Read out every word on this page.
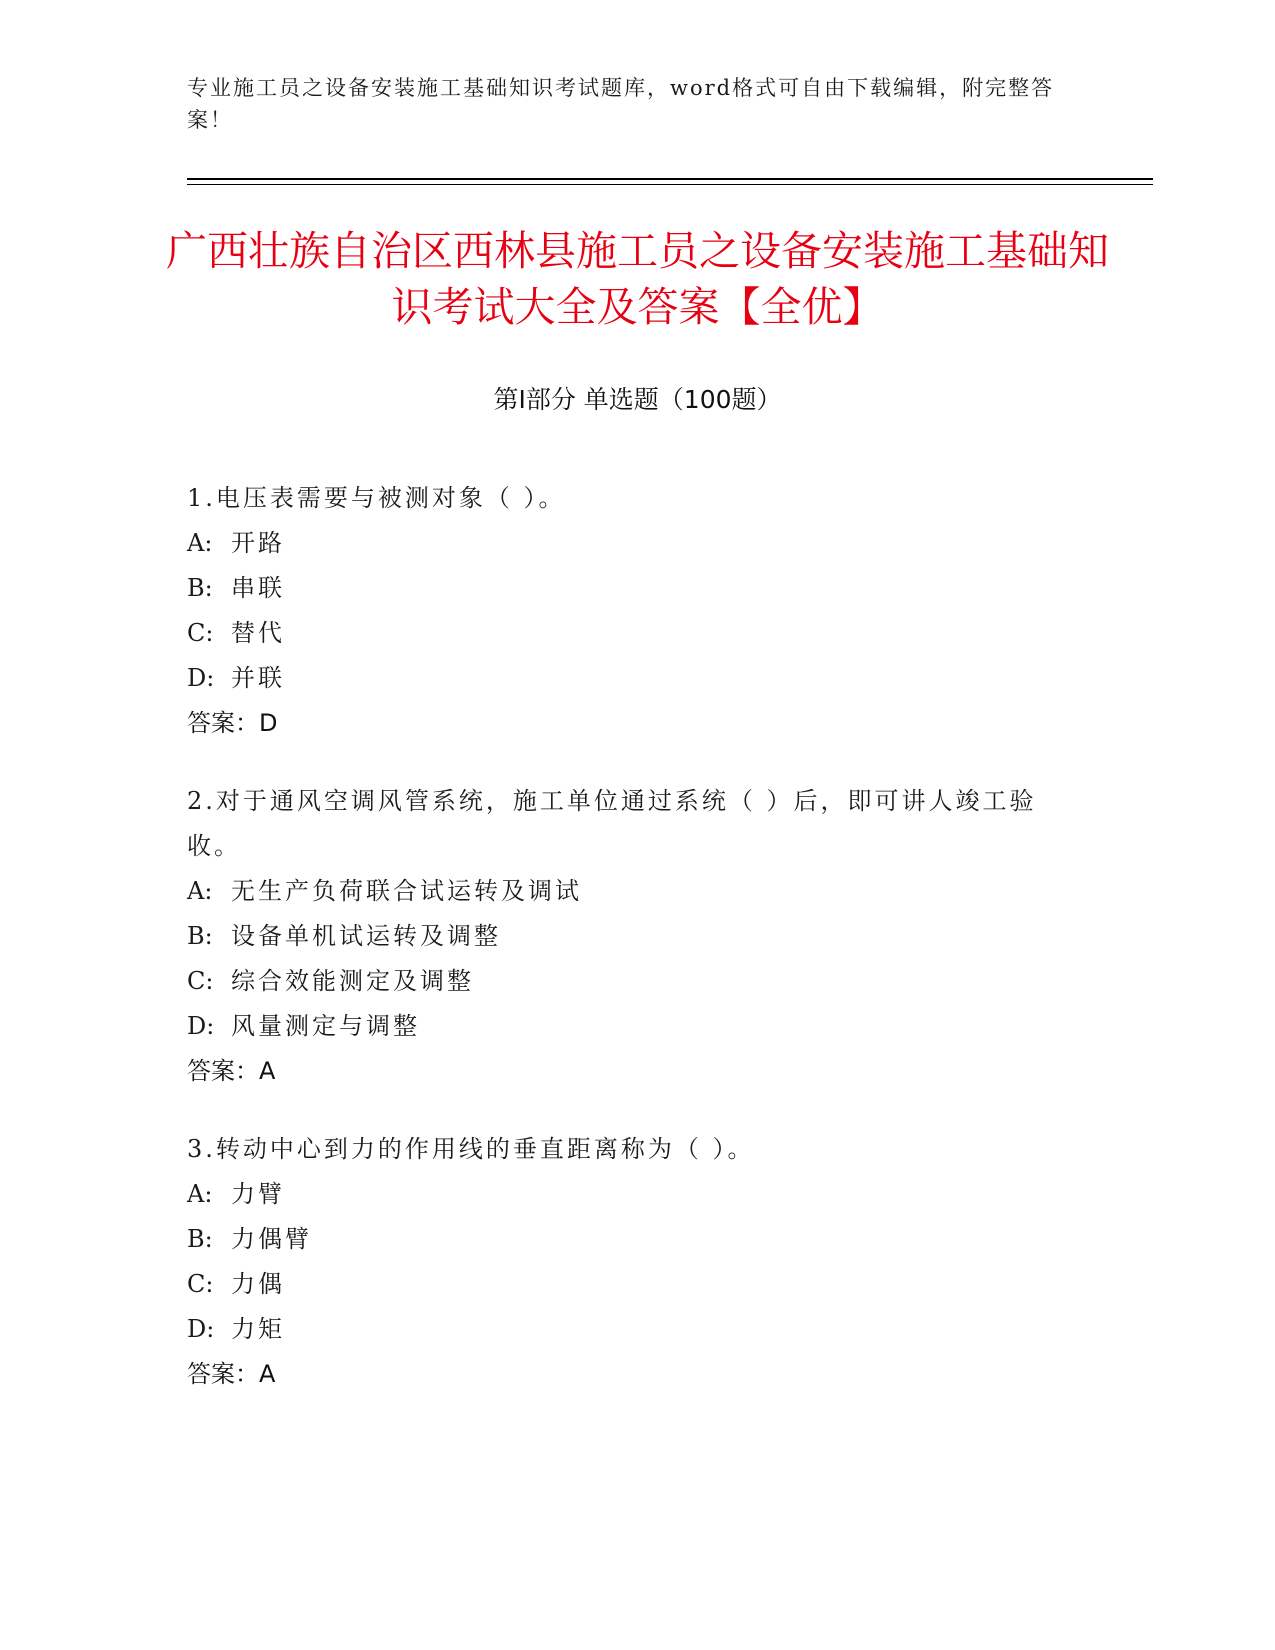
专业施工员之设备安装施工基础知识考试题库，word格式可自由下载编辑，附完整答案！
广西壮族自治区西林县施工员之设备安装施工基础知识考试大全及答案【全优】
第Ⅰ部分 单选题（100题）
1.电压表需要与被测对象（ ）。
A: 开路
B: 串联
C: 替代
D: 并联
答案：D
2.对于通风空调风管系统，施工单位通过系统（ ）后，即可讲人竣工验收。
A: 无生产负荷联合试运转及调试
B: 设备单机试运转及调整
C: 综合效能测定及调整
D: 风量测定与调整
答案：A
3.转动中心到力的作用线的垂直距离称为（ ）。
A: 力臂
B: 力偶臂
C: 力偶
D: 力矩
答案：A
